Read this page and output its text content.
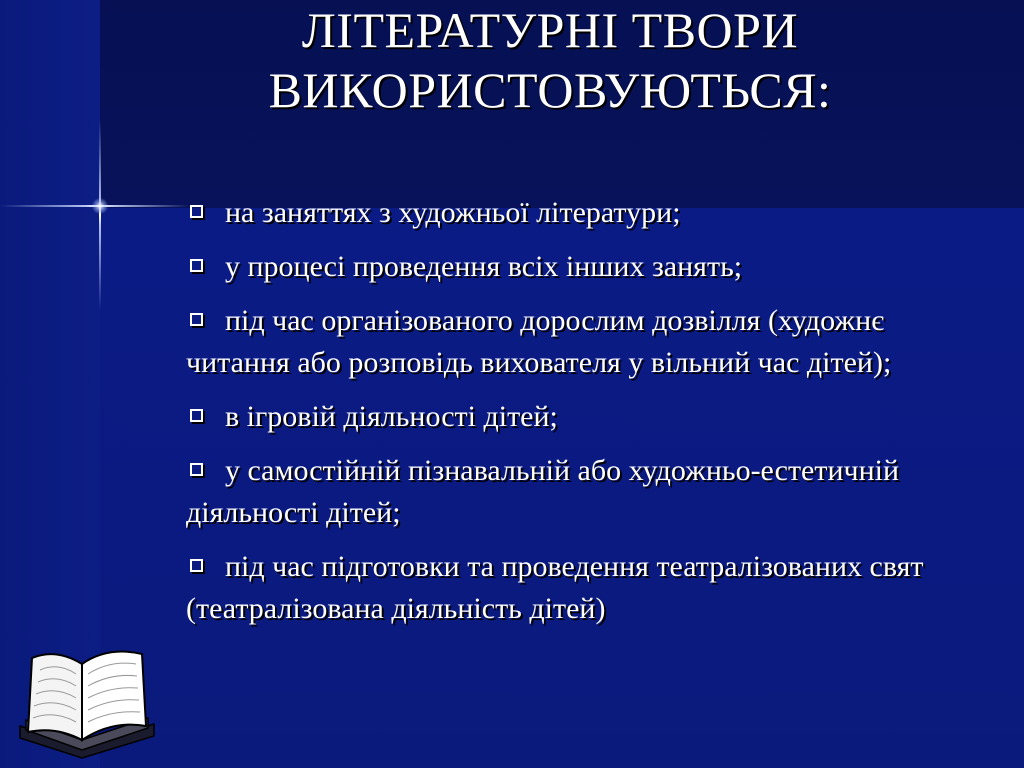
ЛІТЕРАТУРНІ ТВОРИ
ВИКОРИСТОВУЮТЬСЯ:
на заняттях з художньої літератури;
у процесі проведення всіх інших занять;
під час організованого дорослим дозвілля (художнє читання або розповідь вихователя у вільний час дітей);
в ігровій діяльності дітей;
у самостійній пізнавальній або художньо-естетичній діяльності дітей;
під час підготовки та проведення театралізованих свят (театралізована діяльність дітей)
